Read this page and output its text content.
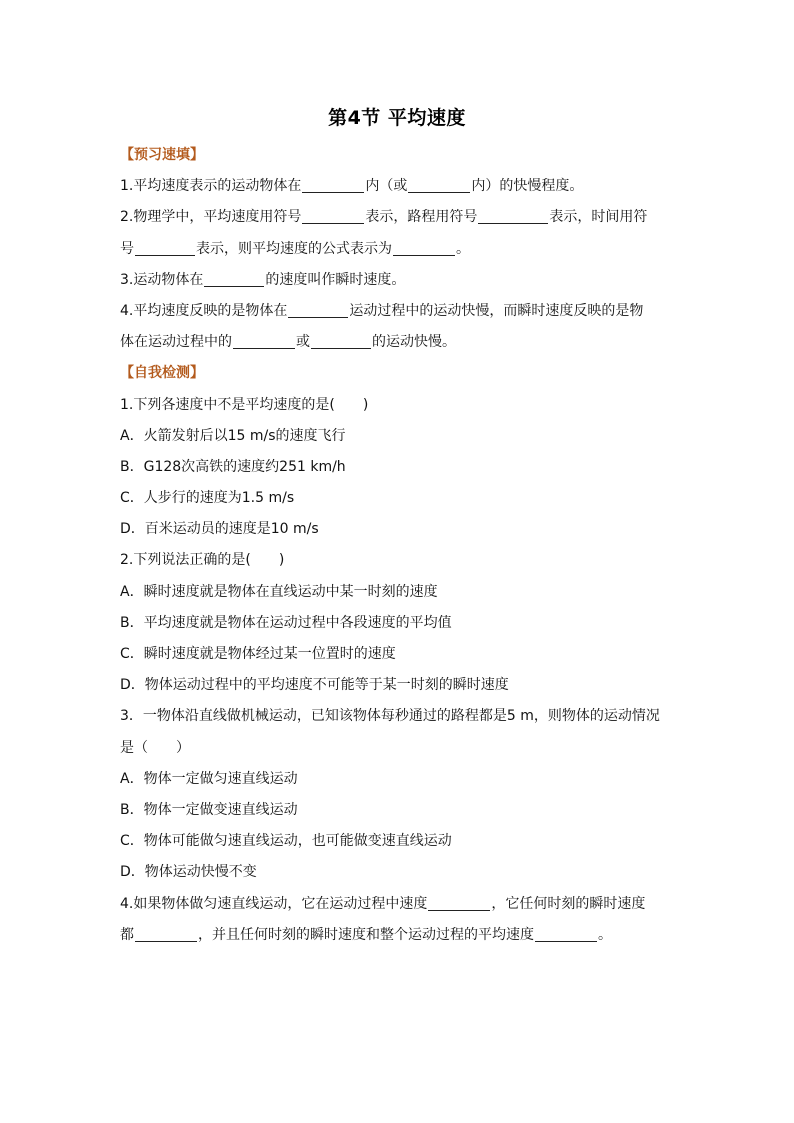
第4节 平均速度
【预习速填】
1.平均速度表示的运动物体在	内（或	内）的快慢程度。
2.物理学中，平均速度用符号	表示，路程用符号	表示，时间用符
号	表示，则平均速度的公式表示为	。
3.运动物体在	的速度叫作瞬时速度。
4.平均速度反映的是物体在	运动过程中的运动快慢，而瞬时速度反映的是物
体在运动过程中的	或	的运动快慢。
【自我检测】
1.下列各速度中不是平均速度的是(　　)
A．火箭发射后以15 m/s的速度飞行
B．G128次高铁的速度约251 km/h
C．人步行的速度为1.5 m/s
D．百米运动员的速度是10 m/s
2.下列说法正确的是(　　)
A．瞬时速度就是物体在直线运动中某一时刻的速度
B．平均速度就是物体在运动过程中各段速度的平均值
C．瞬时速度就是物体经过某一位置时的速度
D．物体运动过程中的平均速度不可能等于某一时刻的瞬时速度
3．一物体沿直线做机械运动，已知该物体每秒通过的路程都是5 m，则物体的运动情况
是（　　）
A．物体一定做匀速直线运动
B．物体一定做变速直线运动
C．物体可能做匀速直线运动，也可能做变速直线运动
D．物体运动快慢不变
4.如果物体做匀速直线运动，它在运动过程中速度	，它任何时刻的瞬时速度
都	，并且任何时刻的瞬时速度和整个运动过程的平均速度	。
